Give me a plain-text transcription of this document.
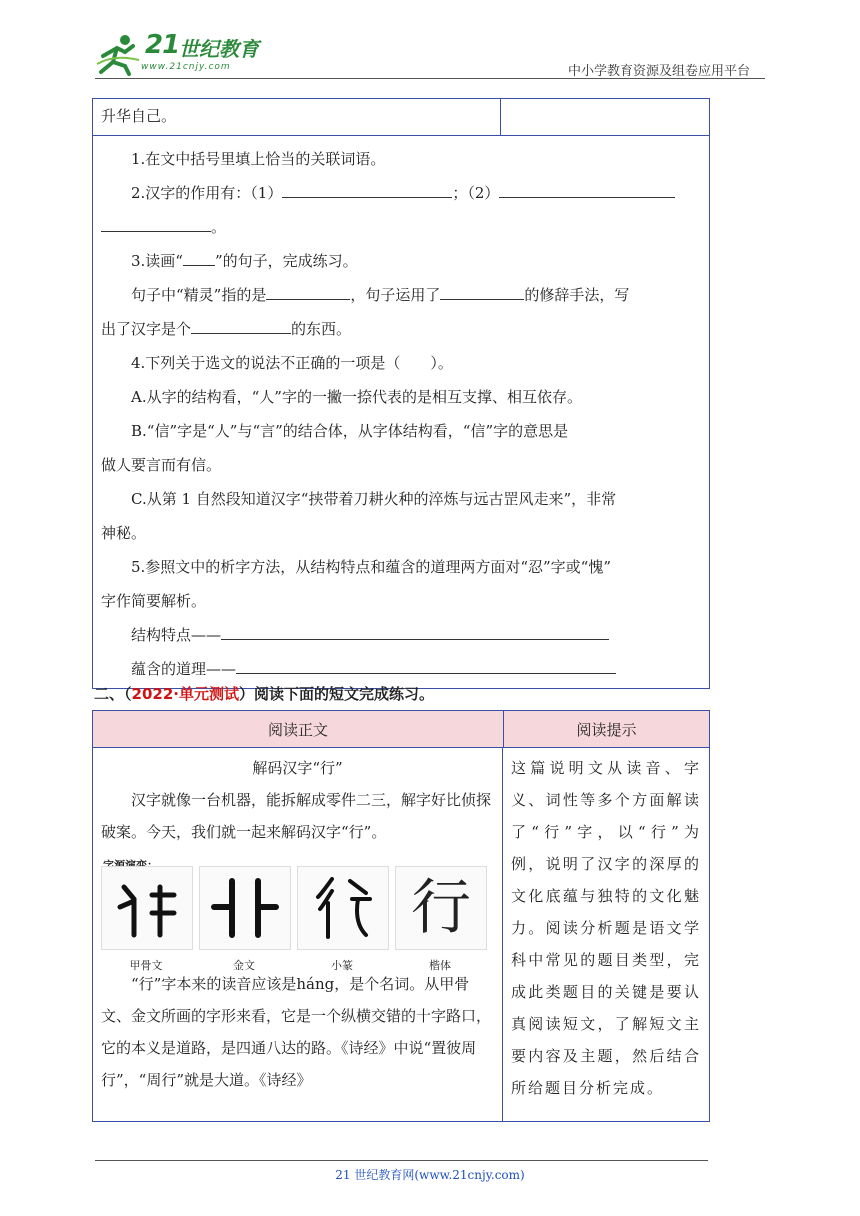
21 世纪教育
www.21cnjy.com	中小学教育资源及组卷应用平台
升华自己。

1.在文中括号里填上恰当的关联词语。

2.汉字的作用有：（1）	；（2）

。

3.读画“ ”的句子，完成练习。

句子中“精灵”指的是	，句子运用了	的修辞手法，写

出了汉字是个	的东西。

4.下列关于选文的说法不正确的一项是（　　）。

A.从字的结构看，“人”字的一撇一捺代表的是相互支撑、相互依存。

B.“信”字是“人”与“言”的结合体，从字体结构看，“信”字的意思是

做人要言而有信。

C.从第 1 自然段知道汉字“挟带着刀耕火种的淬炼与远古罡风走来”，非常

神秘。

5.参照文中的析字方法，从结构特点和蕴含的道理两方面对“忍”字或“愧”

字作简要解析。

结构特点——

蕴含的道理——

二、（2022·单元测试）阅读下面的短文完成练习。
阅读正文	阅读提示

解码汉字“行”

汉字就像一台机器，能拆解成零件二三，解字好比侦探破案。今天，我们就一起来解码汉字“行”。

甲骨文	金文	小篆
行
楷体

“行”字本来的读音应该是háng，是个名词。从甲骨文、金文所画的字形来看，它是一个纵横交错的十字路口，它的本义是道路，是四通八达的路。《诗经》中说“置彼周行”，“周行”就是大道。《诗经》

这篇说明文从读音、字义、词性等多个方面解读了“行”字，以“行”为例，说明了汉字的深厚的文化底蕴与独特的文化魅力。阅读分析题是语文学科中常见的题目类型，完成此类题目的关键是要认真阅读短文，了解短文主要内容及主题，然后结合所给题目分析完成。
21 世纪教育网(www.21cnjy.com)
